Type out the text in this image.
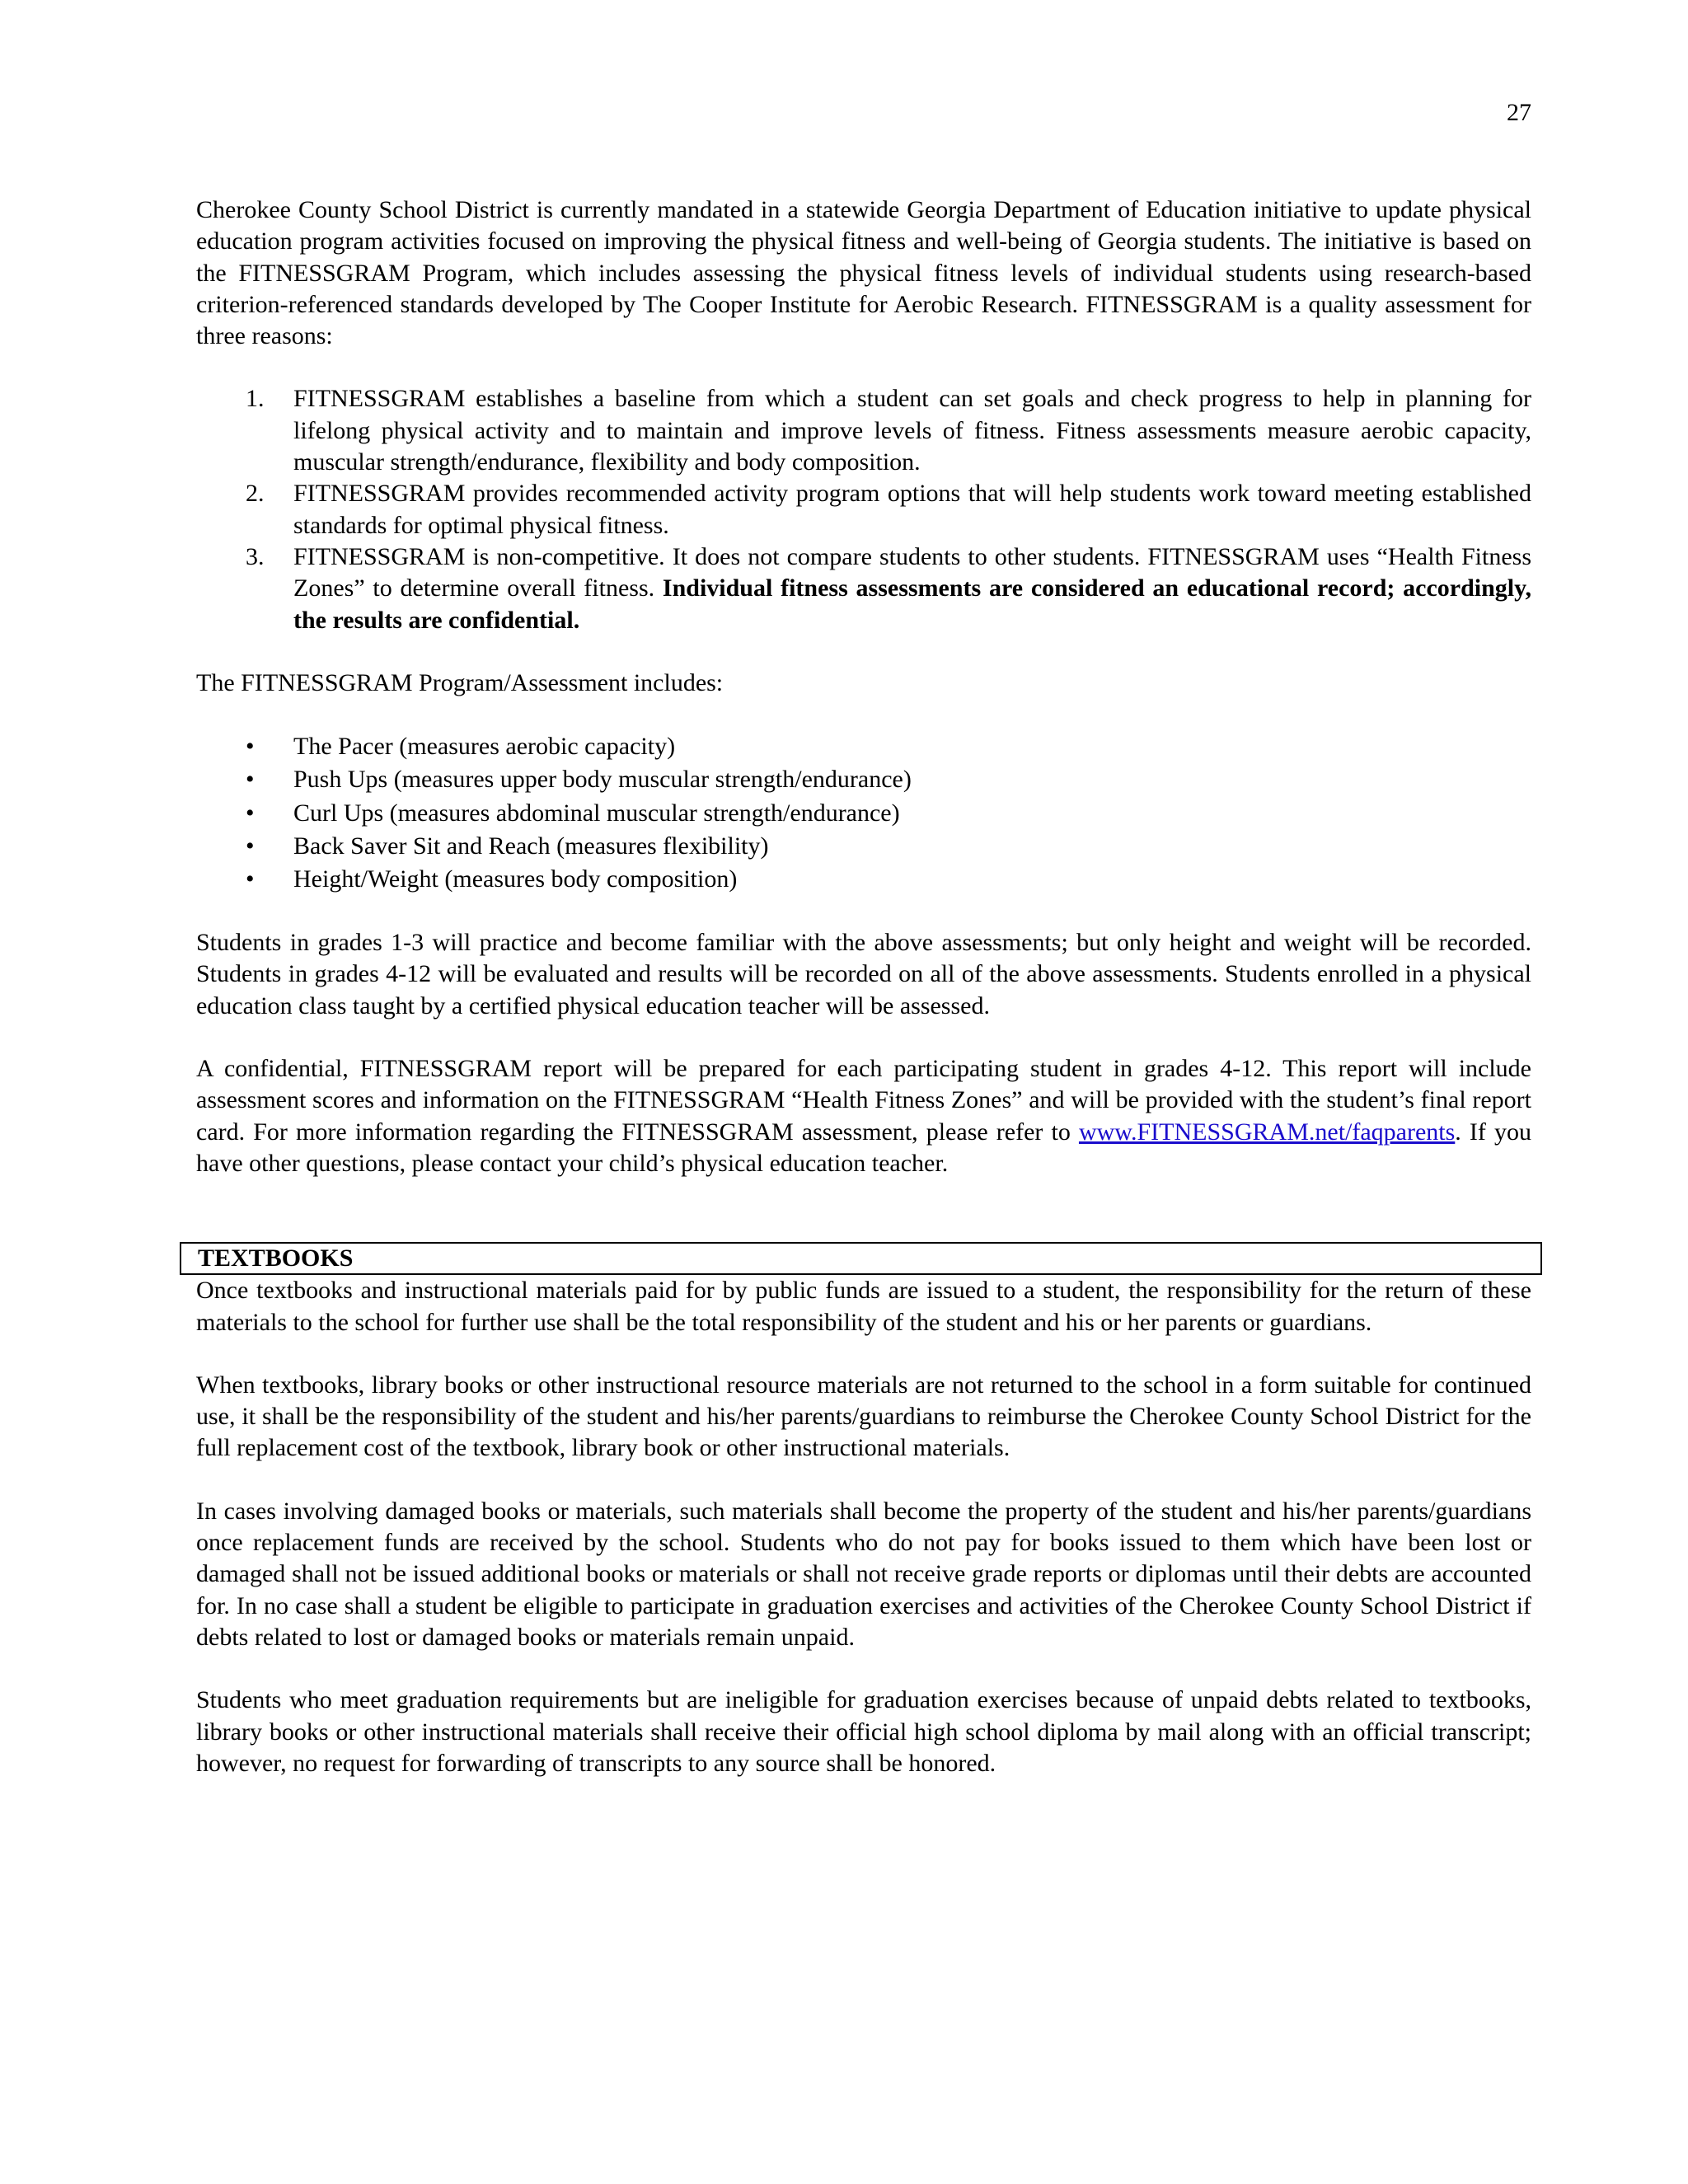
27

Cherokee County School District is currently mandated in a statewide Georgia Department of Education initiative to update physical education program activities focused on improving the physical fitness and well-being of Georgia students. The initiative is based on the FITNESSGRAM Program, which includes assessing the physical fitness levels of individual students using research-based criterion-referenced standards developed by The Cooper Institute for Aerobic Research. FITNESSGRAM is a quality assessment for three reasons:

1. FITNESSGRAM establishes a baseline from which a student can set goals and check progress to help in planning for lifelong physical activity and to maintain and improve levels of fitness. Fitness assessments measure aerobic capacity, muscular strength/endurance, flexibility and body composition.
2. FITNESSGRAM provides recommended activity program options that will help students work toward meeting established standards for optimal physical fitness.
3. FITNESSGRAM is non-competitive. It does not compare students to other students. FITNESSGRAM uses “Health Fitness Zones” to determine overall fitness. Individual fitness assessments are considered an educational record; accordingly, the results are confidential.

The FITNESSGRAM Program/Assessment includes:

• The Pacer (measures aerobic capacity)
• Push Ups (measures upper body muscular strength/endurance)
• Curl Ups (measures abdominal muscular strength/endurance)
• Back Saver Sit and Reach (measures flexibility)
• Height/Weight (measures body composition)

Students in grades 1-3 will practice and become familiar with the above assessments; but only height and weight will be recorded. Students in grades 4-12 will be evaluated and results will be recorded on all of the above assessments. Students enrolled in a physical education class taught by a certified physical education teacher will be assessed.

A confidential, FITNESSGRAM report will be prepared for each participating student in grades 4-12. This report will include assessment scores and information on the FITNESSGRAM “Health Fitness Zones” and will be provided with the student’s final report card. For more information regarding the FITNESSGRAM assessment, please refer to www.FITNESSGRAM.net/faqparents. If you have other questions, please contact your child’s physical education teacher.

TEXTBOOKS

Once textbooks and instructional materials paid for by public funds are issued to a student, the responsibility for the return of these materials to the school for further use shall be the total responsibility of the student and his or her parents or guardians.

When textbooks, library books or other instructional resource materials are not returned to the school in a form suitable for continued use, it shall be the responsibility of the student and his/her parents/guardians to reimburse the Cherokee County School District for the full replacement cost of the textbook, library book or other instructional materials.

In cases involving damaged books or materials, such materials shall become the property of the student and his/her parents/guardians once replacement funds are received by the school. Students who do not pay for books issued to them which have been lost or damaged shall not be issued additional books or materials or shall not receive grade reports or diplomas until their debts are accounted for. In no case shall a student be eligible to participate in graduation exercises and activities of the Cherokee County School District if debts related to lost or damaged books or materials remain unpaid.

Students who meet graduation requirements but are ineligible for graduation exercises because of unpaid debts related to textbooks, library books or other instructional materials shall receive their official high school diploma by mail along with an official transcript; however, no request for forwarding of transcripts to any source shall be honored.
